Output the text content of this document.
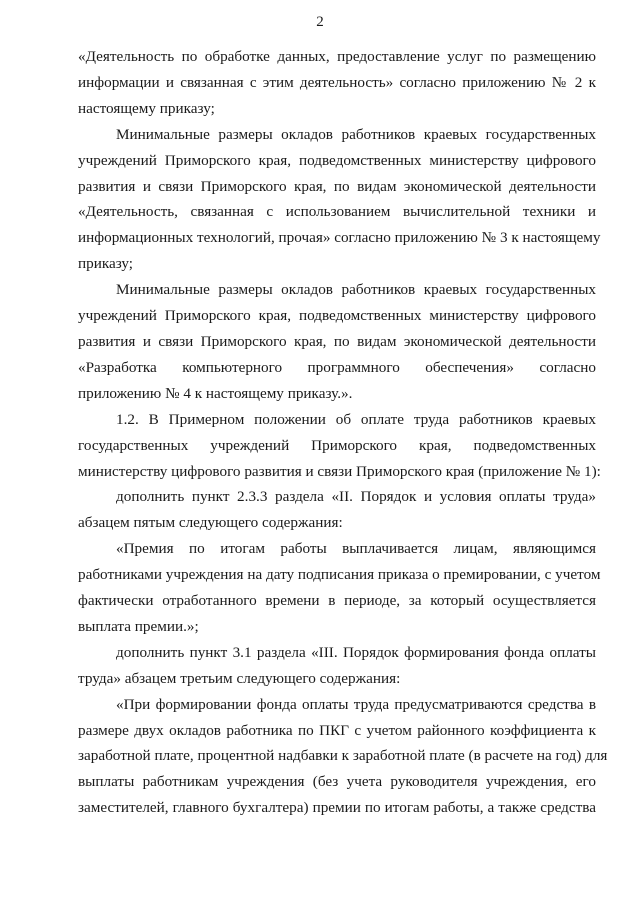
2
«Деятельность по обработке данных, предоставление услуг по размещению
информации и связанная с этим деятельность» согласно приложению № 2 к
настоящему приказу;
Минимальные размеры окладов работников краевых государственных
учреждений Приморского края, подведомственных министерству цифрового
развития и связи Приморского края, по видам экономической деятельности
«Деятельность, связанная с использованием вычислительной техники и
информационных технологий, прочая» согласно приложению № 3 к настоящему
приказу;
Минимальные размеры окладов работников краевых государственных
учреждений Приморского края, подведомственных министерству цифрового
развития и связи Приморского края, по видам экономической деятельности
«Разработка компьютерного программного обеспечения» согласно
приложению № 4 к настоящему приказу.».
1.2. В Примерном положении об оплате труда работников краевых
государственных учреждений Приморского края, подведомственных
министерству цифрового развития и связи Приморского края (приложение № 1):
дополнить пункт 2.3.3 раздела «II. Порядок и условия оплаты труда»
абзацем пятым следующего содержания:
«Премия по итогам работы выплачивается лицам, являющимся
работниками учреждения на дату подписания приказа о премировании, с учетом
фактически отработанного времени в периоде, за который осуществляется
выплата премии.»;
дополнить пункт 3.1 раздела «III. Порядок формирования фонда оплаты
труда» абзацем третьим следующего содержания:
«При формировании фонда оплаты труда предусматриваются средства в
размере двух окладов работника по ПКГ с учетом районного коэффициента к
заработной плате, процентной надбавки к заработной плате (в расчете на год) для
выплаты работникам учреждения (без учета руководителя учреждения, его
заместителей, главного бухгалтера) премии по итогам работы, а также средства
